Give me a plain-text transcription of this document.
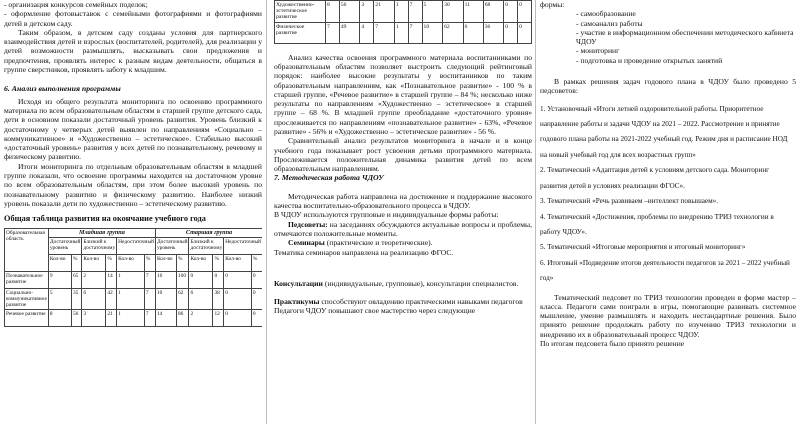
- организация конкурсов семейных поделок;

- оформление фотовыставок с семейными фотографиями и фотографиями детей в детском саду.

Таким образом, в детском саду созданы условия для партнерского взаимодействия детей и взрослых (воспитателей, родителей), для реализации у детей возможности размышлять, высказывать свои предложения и предпочтения, проявлять интерес к разным видам деятельности, общаться в группе сверстников, проявлять заботу к младшим.

6. Анализ выполнения программы

Исходя из общего результата мониторинга по освоению программного материала по всем образовательным областям в старшей группе детского сада, дети в основном показали достаточный уровень развития. Уровень близкий к достаточному у четверых детей выявлен по направлениям «Социально – коммуникативное» и «Художественно – эстетическое». Стабильно высокий «достаточный уровень» развития у всех детей по познавательному, речевому и физическому развитию.

Итоги мониторинга по отдельным образовательным областям в младшей группе показали, что освоение программы находится на достаточном уровне по всем образовательным областям, при этом более высокий уровень по познавательному развитию и физическому развитию. Наиболее низкий уровень показали дети по художественно – эстетическому развитию.

Общая таблица развития на окончание учебного года

Образовательная область	Младшая группа						Старшая группа					
	Достаточный уровень		Близкий к достаточному		Недостаточный		Достаточный уровень		Близкий к достаточному		Недостаточный	
	Кол-во	%	Кол-во	%	Кол-во	%	Кол-во	%	Кол-во	%	Кол-во	%
Познавательное развитие	9	65	2	14	1	7	16	100	0	0	0	0
Социально-коммуникативное развитие	5	35	6	42	1	7	10	62	6	38	0	0
Речевое развитие	8	56	3	21	1	7	14	86	2	12	0	0
Художественно-эстетическое развитие	8	56	3	21	1	7	5	30	11	68	0	0
Физическое развитие	7	49	4	7	1	7	10	62	6	36	0	0

Анализ качества освоения программного материала воспитанниками по образовательным областям позволяет выстроить следующий рейтинговый порядок: наиболее высокие результаты у воспитанников по таким образовательным направлениям, как «Познавательное развитие» - 100 % в старшей группе, «Речевое развитие» в старшей группе – 84 %; несколько ниже результаты по направлениям «Художественно – эстетическое» в старшей группе – 68 %. В младшей группе преобладание «достаточного уровня» прослеживается по направлениям «познавательное развитие» - 63%, «Речевое развитие» - 56% и «Художественно – эстетическое развитие» - 56 %.

Сравнительный анализ результатов мониторинга в начале и в конце учебного года показывает рост усвоения детьми программного материала. Прослеживается положительная динамика развития детей по всем образовательным направлениям.

7. Методическая работа ЧДОУ

Методическая работа направлена на достижение и поддержание высокого качества воспитательно-образовательного процесса в ЧДОУ.

В ЧДОУ используются групповые и индивидуальные формы работы:

Педсоветы: на заседаниях обсуждаются актуальные вопросы и проблемы, отмечаются положительные моменты.

Семинары (практические и теоретические).

Тематика семинаров направлена на реализацию ФГОС.

Консультации (индивидуальные, групповые), консультации специалистов.

Практикумы способствуют овладению практическими навыками педагогов

Педагоги ЧДОУ повышают свое мастерство через следующие

формы:

- самообразование
- самоанализ работы
- участие в информационном обеспечении методического кабинета ЧДОУ
- мониторинг
- подготовка и проведение открытых занятий

В рамках решения задач годового плана в ЧДОУ было проведено 5 педсоветов:

1. Установочный «Итоги летней оздоровительной работы. Приоритетное направление работы и задачи ЧДОУ на 2021 – 2022. Рассмотрение и принятие годового плана работы на 2021-2022 учебный год. Режим дня и расписание НОД на новый учебный год для всех возрастных групп»

2. Тематический «Адаптация детей к условиям детского сада. Мониторинг развития детей в условиях реализации ФГОС».

3. Тематический «Речь развиваем –интеллект повышаем».

4. Тематический «Достижения, проблемы по внедрению ТРИЗ технологии в работу ЧДОУ».

5. Тематический «Итоговые мероприятия и итоговый мониторинг»

6. Итоговый «Подведение итогов деятельности педагогов за 2021 – 2022 учебный год»

Тематический педсовет по ТРИЗ технологии проведен в форме мастер –класса. Педагоги сами поиграли в игры, помогающие развивать системное мышление, умение размышлять и находить нестандартные решения. Было принято решение продолжать работу по изучению ТРИЗ технологии и внедрению их в образовательный процесс ЧДОУ.

По итогам педсовета было принято решение
